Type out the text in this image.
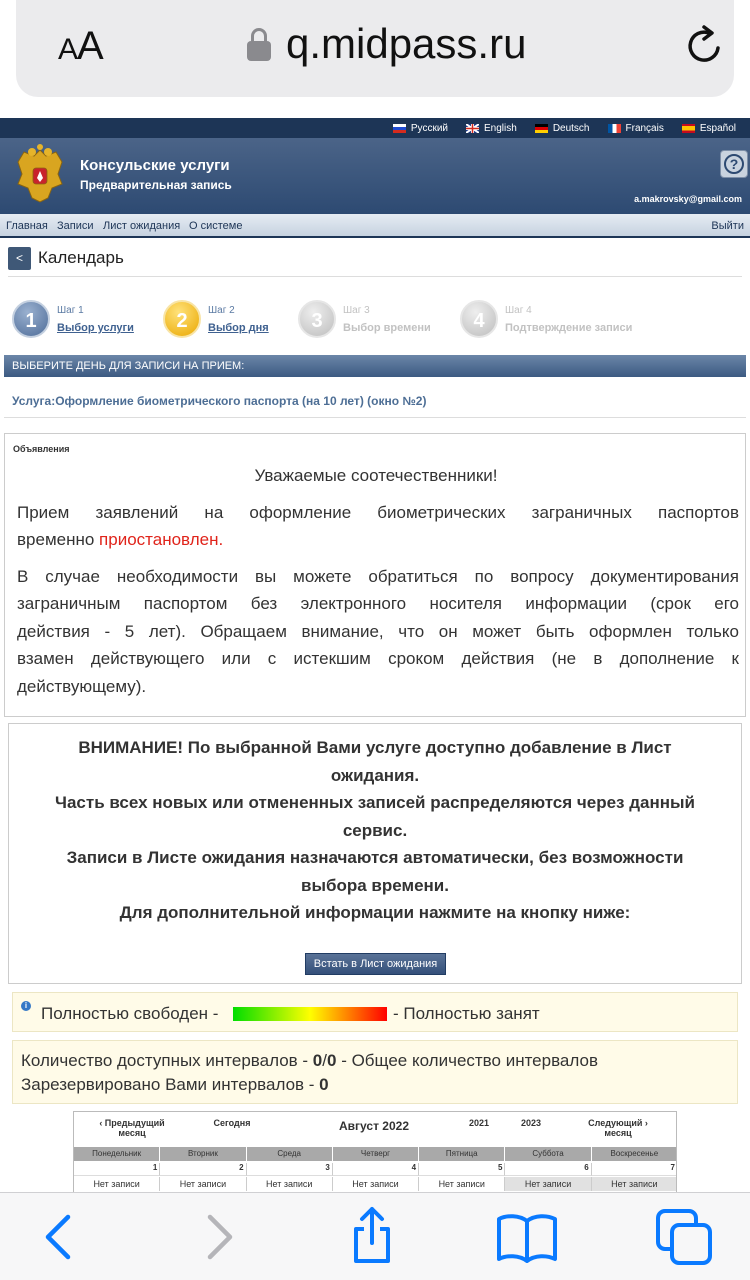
AA	q.midpass.ru
Русский	English	Deutsch	Français	Español
Консульские услуги
Предварительная запись
?
a.makrovsky@gmail.com
Главная Записи Лист ожидания О системе	Выйти
< Календарь
1	Шаг 1
Выбор услуги	2	Шаг 2
Выбор дня	3	Шаг 3
Выбор времени	4	Шаг 4
Подтверждение записи
ВЫБЕРИТЕ ДЕНЬ ДЛЯ ЗАПИСИ НА ПРИЕМ:
Услуга:Оформление биометрического паспорта (на 10 лет) (окно №2)
Объявления
Уважаемые соотечественники!
Прием заявлений на оформление биометрических заграничных паспортов
временно приостановлен.
В случае необходимости вы можете обратиться по вопросу документирования
заграничным паспортом без электронного носителя информации (срок его
действия - 5 лет). Обращаем внимание, что он может быть оформлен только
взамен действующего или с истекшим сроком действия (не в дополнение к
действующему).
ВНИМАНИЕ! По выбранной Вами услуге доступно добавление в Лист
ожидания.
Часть всех новых или отмененных записей распределяются через данный
сервис.
Записи в Листе ожидания назначаются автоматически, без возможности
выбора времени.
Для дополнительной информации нажмите на кнопку ниже:
Встать в Лист ожидания
i Полностью свободен -	- Полностью занят
Количество доступных интервалов - 0/0 - Общее количество интервалов
Зарезервировано Вами интервалов - 0
‹ Предыдущий
месяц
Сегодня	Август 2022	2021	2023	Следующий ›
месяц
Понедельник	Вторник	Среда	Четверг	Пятница	Суббота	Воскресенье
1	2	3	4	5	6	7
Нет записи	Нет записи	Нет записи	Нет записи	Нет записи	Нет записи	Нет записи
